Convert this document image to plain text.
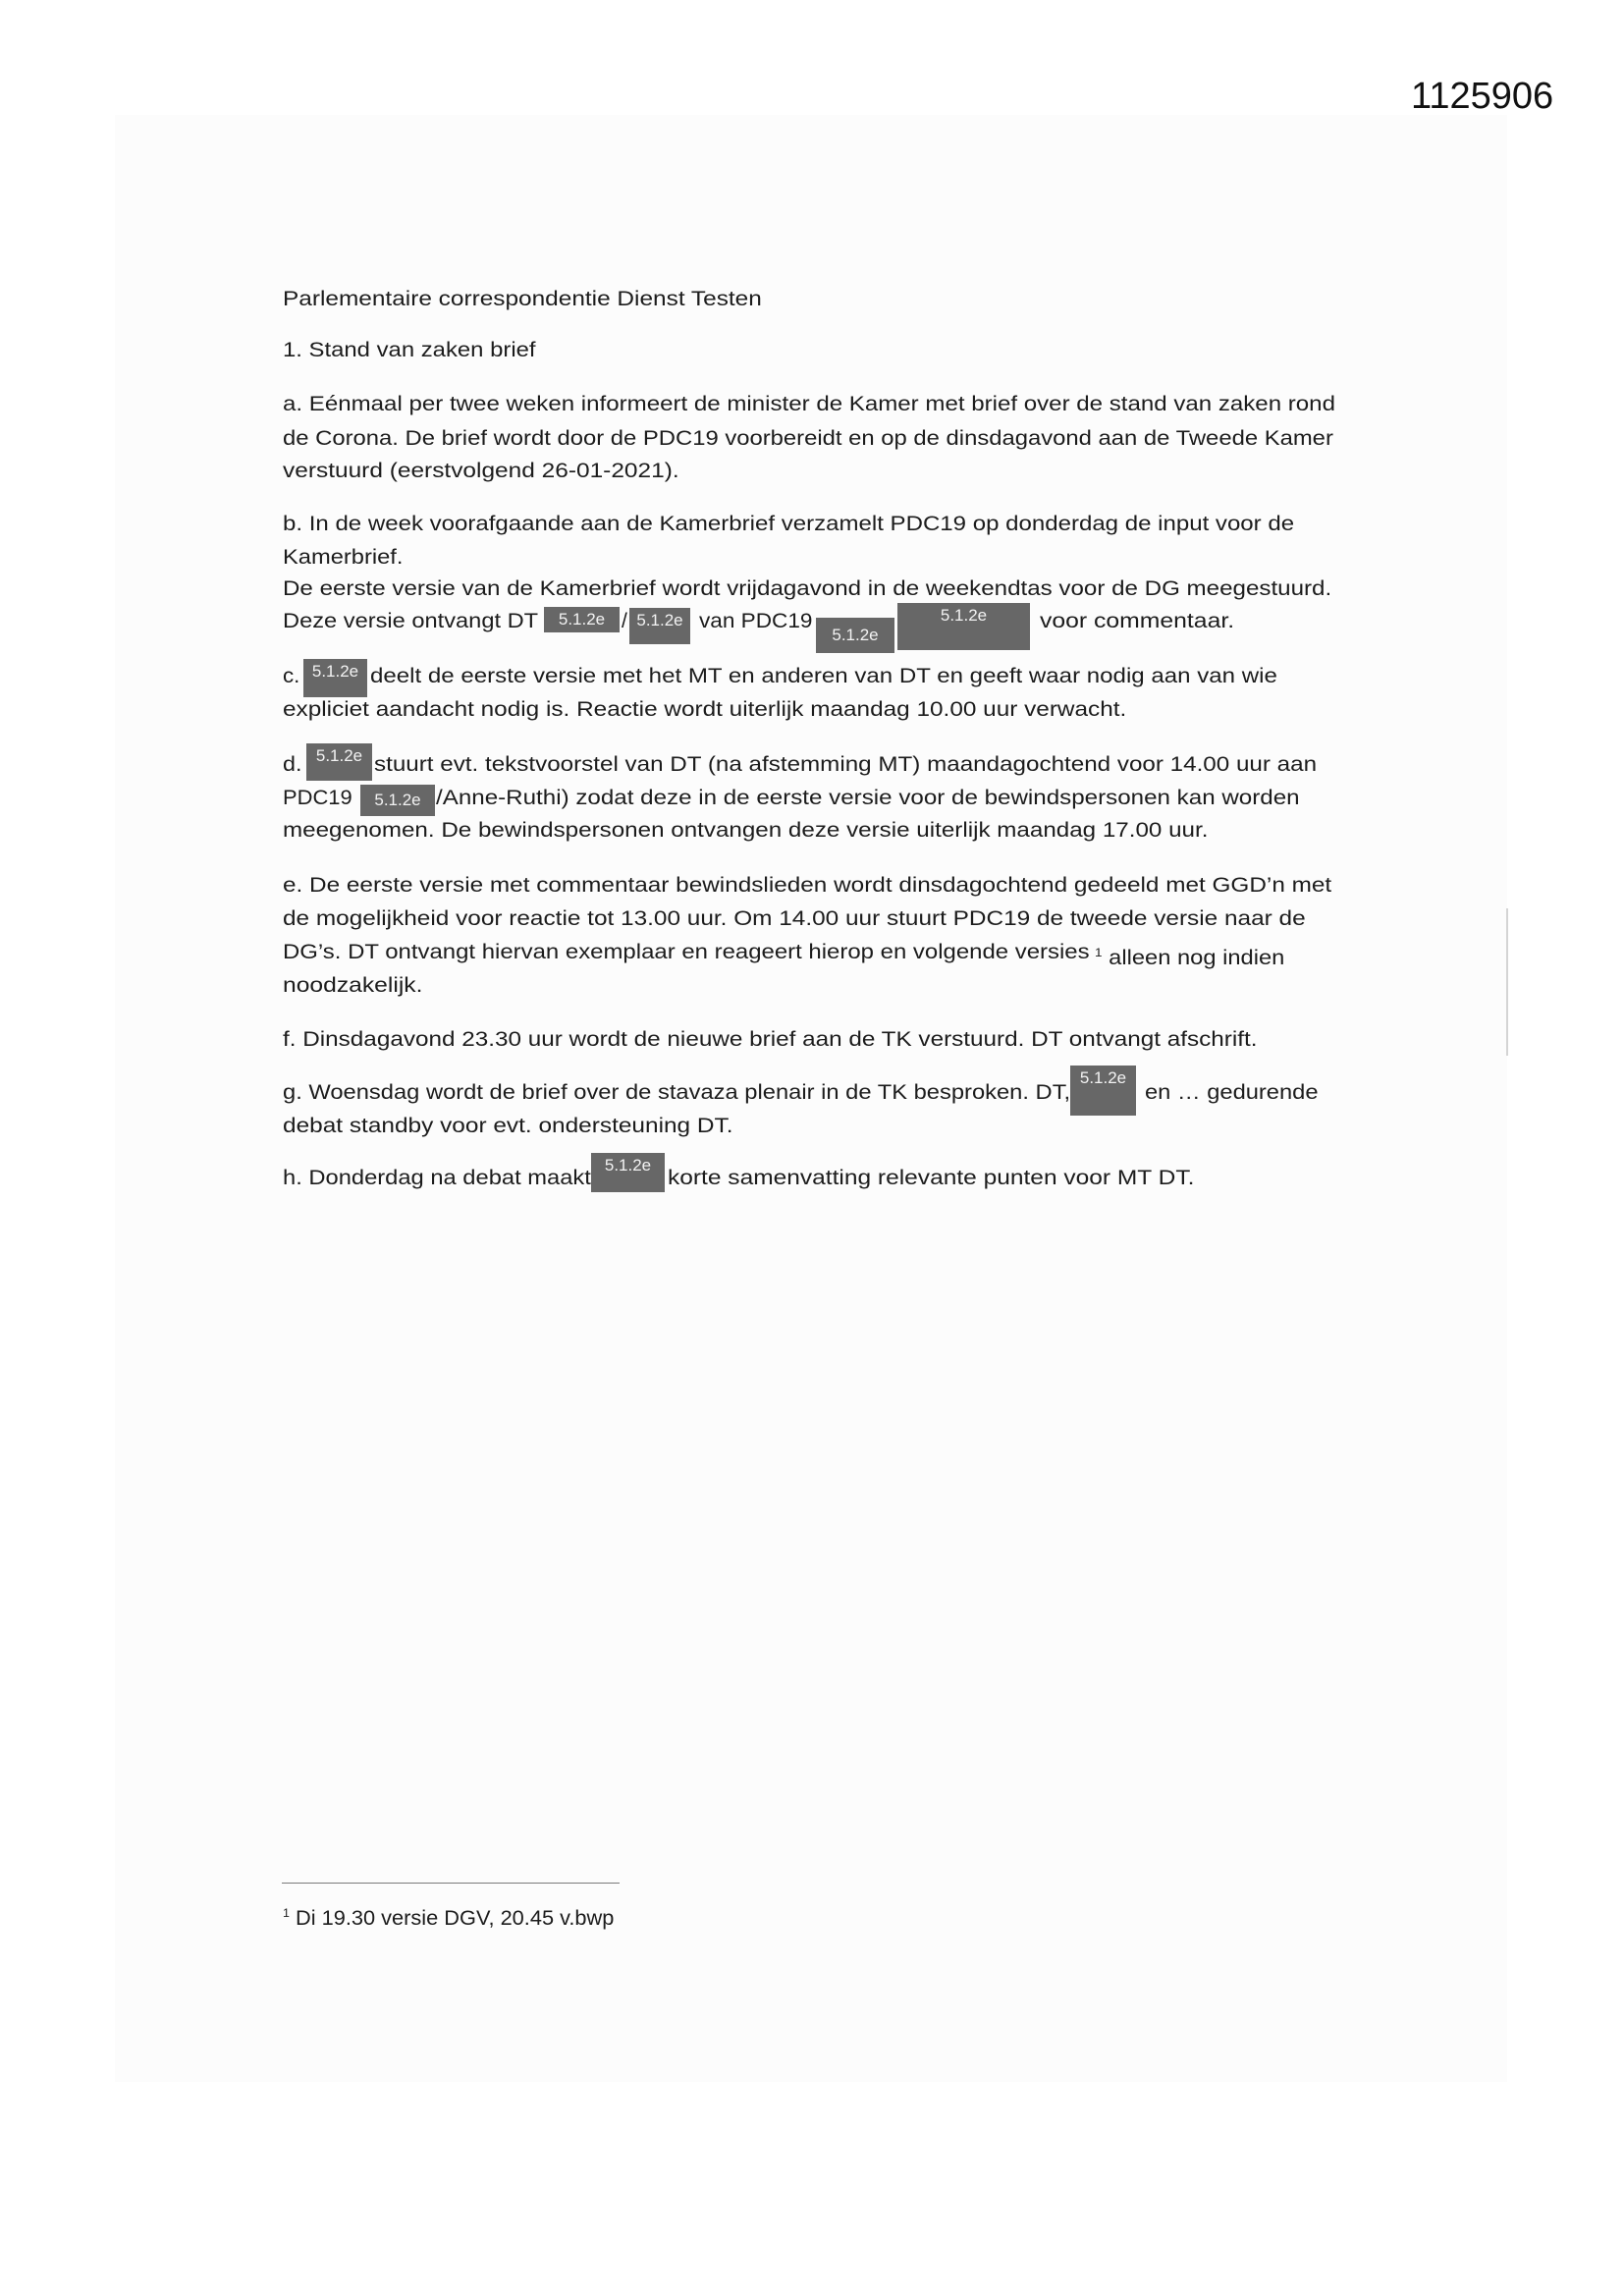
1125906
Parlementaire correspondentie Dienst Testen
1. Stand van zaken brief
a. Eénmaal per twee weken informeert de minister de Kamer met brief over de stand van zaken rond
de Corona. De brief wordt door de PDC19 voorbereidt en op de dinsdagavond aan de Tweede Kamer
verstuurd (eerstvolgend 26-01-2021).
b. In de week voorafgaande aan de Kamerbrief verzamelt PDC19 op donderdag de input voor de
Kamerbrief.
De eerste versie van de Kamerbrief wordt vrijdagavond in de weekendtas voor de DG meegestuurd.
Deze versie ontvangt DT	/	van PDC19	voor commentaar.
c.	deelt de eerste versie met het MT en anderen van DT en geeft waar nodig aan van wie
expliciet aandacht nodig is. Reactie wordt uiterlijk maandag 10.00 uur verwacht.
d.	stuurt evt. tekstvoorstel van DT (na afstemming MT) maandagochtend voor 14.00 uur aan
PDC19	/Anne-Ruthi) zodat deze in de eerste versie voor de bewindspersonen kan worden
meegenomen. De bewindspersonen ontvangen deze versie uiterlijk maandag 17.00 uur.
e. De eerste versie met commentaar bewindslieden wordt dinsdagochtend gedeeld met GGD’n met
de mogelijkheid voor reactie tot 13.00 uur. Om 14.00 uur stuurt PDC19 de tweede versie naar de
DG’s. DT ontvangt hiervan exemplaar en reageert hierop en volgende versies $^1$ alleen nog indien
noodzakelijk.
f. Dinsdagavond 23.30 uur wordt de nieuwe brief aan de TK verstuurd. DT ontvangt afschrift.
g. Woensdag wordt de brief over de stavaza plenair in de TK besproken. DT,	en … gedurende
debat standby voor evt. ondersteuning DT.
h. Donderdag na debat maakt	korte samenvatting relevante punten voor MT DT.
5.1.2e	5.1.2e
5.1.2e
5.1.2e
5.1.2e
5.1.2e
5.1.2e
5.1.2e
5.1.2e
$^1$ Di 19.30 versie DGV, 20.45 v.bwp
